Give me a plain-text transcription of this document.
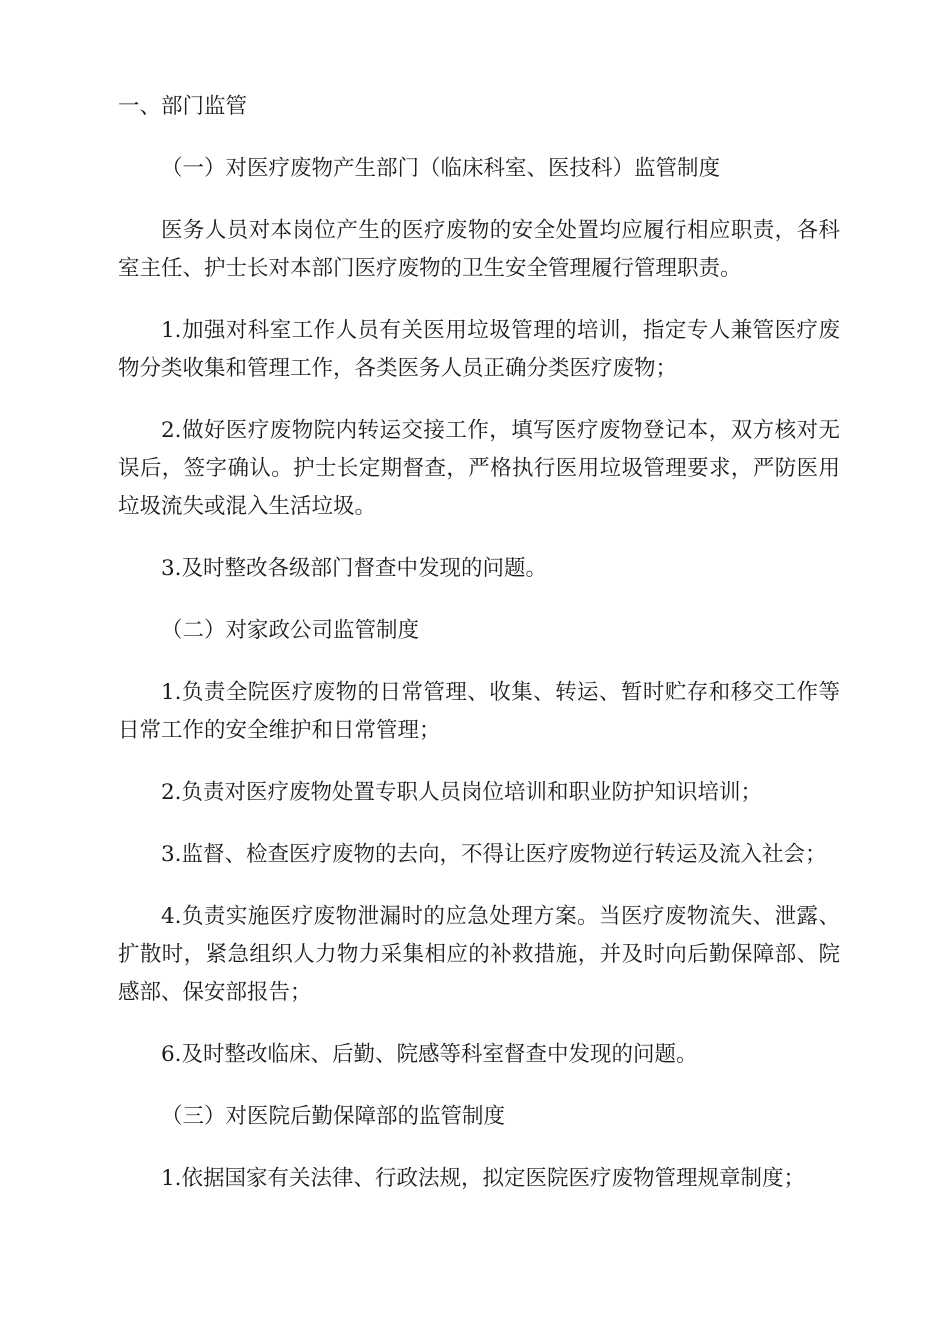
一、部门监管

（一）对医疗废物产生部门（临床科室、医技科）监管制度

医务人员对本岗位产生的医疗废物的安全处置均应履行相应职责，各科室主任、护士长对本部门医疗废物的卫生安全管理履行管理职责。

1.加强对科室工作人员有关医用垃圾管理的培训，指定专人兼管医疗废物分类收集和管理工作，各类医务人员正确分类医疗废物；

2.做好医疗废物院内转运交接工作，填写医疗废物登记本，双方核对无误后，签字确认。护士长定期督查，严格执行医用垃圾管理要求，严防医用垃圾流失或混入生活垃圾。

3.及时整改各级部门督查中发现的问题。

（二）对家政公司监管制度

1.负责全院医疗废物的日常管理、收集、转运、暂时贮存和移交工作等日常工作的安全维护和日常管理；

2.负责对医疗废物处置专职人员岗位培训和职业防护知识培训；

3.监督、检查医疗废物的去向，不得让医疗废物逆行转运及流入社会；

4.负责实施医疗废物泄漏时的应急处理方案。当医疗废物流失、泄露、扩散时，紧急组织人力物力采集相应的补救措施，并及时向后勤保障部、院感部、保安部报告；

6.及时整改临床、后勤、院感等科室督查中发现的问题。

（三）对医院后勤保障部的监管制度

1.依据国家有关法律、行政法规，拟定医院医疗废物管理规章制度；
